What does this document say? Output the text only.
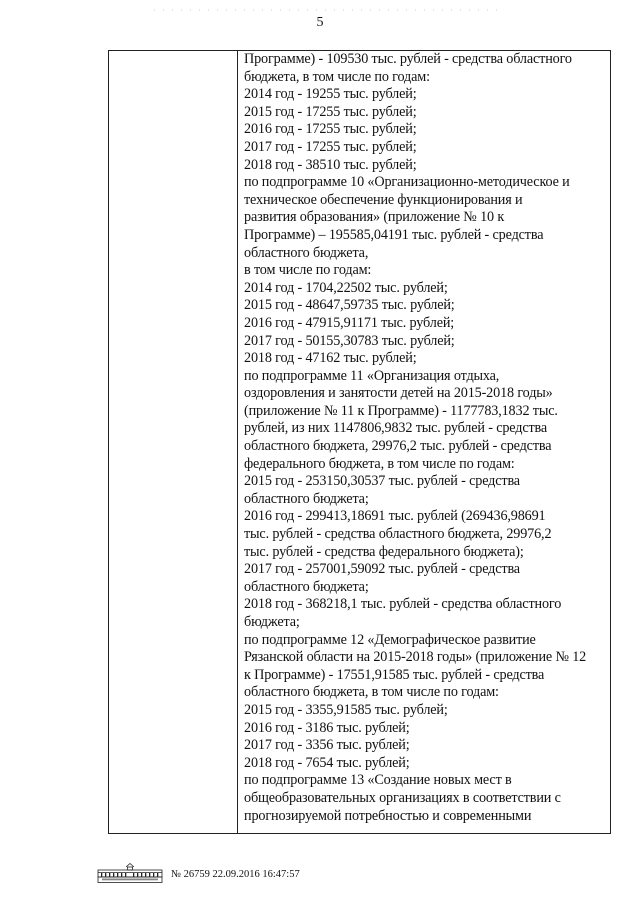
5
Программе) - 109530 тыс. рублей - средства областного
бюджета, в том числе по годам:
2014 год - 19255 тыс. рублей;
2015 год - 17255 тыс. рублей;
2016 год - 17255 тыс. рублей;
2017 год - 17255 тыс. рублей;
2018 год - 38510 тыс. рублей;
по подпрограмме 10 «Организационно-методическое и
техническое обеспечение функционирования и
развития образования» (приложение № 10 к
Программе) – 195585,04191 тыс. рублей - средства
областного бюджета,
в том числе по годам:
2014 год - 1704,22502 тыс. рублей;
2015 год - 48647,59735 тыс. рублей;
2016 год - 47915,91171 тыс. рублей;
2017 год - 50155,30783 тыс. рублей;
2018 год - 47162 тыс. рублей;
по подпрограмме 11 «Организация отдыха,
оздоровления и занятости детей на 2015-2018 годы»
(приложение № 11 к Программе) - 1177783,1832 тыс.
рублей, из них 1147806,9832 тыс. рублей - средства
областного бюджета, 29976,2 тыс. рублей - средства
федерального бюджета, в том числе по годам:
2015 год - 253150,30537 тыс. рублей - средства
областного бюджета;
2016 год - 299413,18691 тыс. рублей (269436,98691
тыс. рублей - средства областного бюджета, 29976,2
тыс. рублей - средства федерального бюджета);
2017 год - 257001,59092 тыс. рублей - средства
областного бюджета;
2018 год - 368218,1 тыс. рублей - средства областного
бюджета;
по подпрограмме 12 «Демографическое развитие
Рязанской области на 2015-2018 годы» (приложение № 12
к Программе) - 17551,91585 тыс. рублей - средства
областного бюджета, в том числе по годам:
2015 год - 3355,91585 тыс. рублей;
2016 год - 3186 тыс. рублей;
2017 год - 3356 тыс. рублей;
2018 год - 7654 тыс. рублей;
по подпрограмме 13 «Создание новых мест в
общеобразовательных организациях в соответствии с
прогнозируемой потребностью и современными
№ 26759 22.09.2016 16:47:57
